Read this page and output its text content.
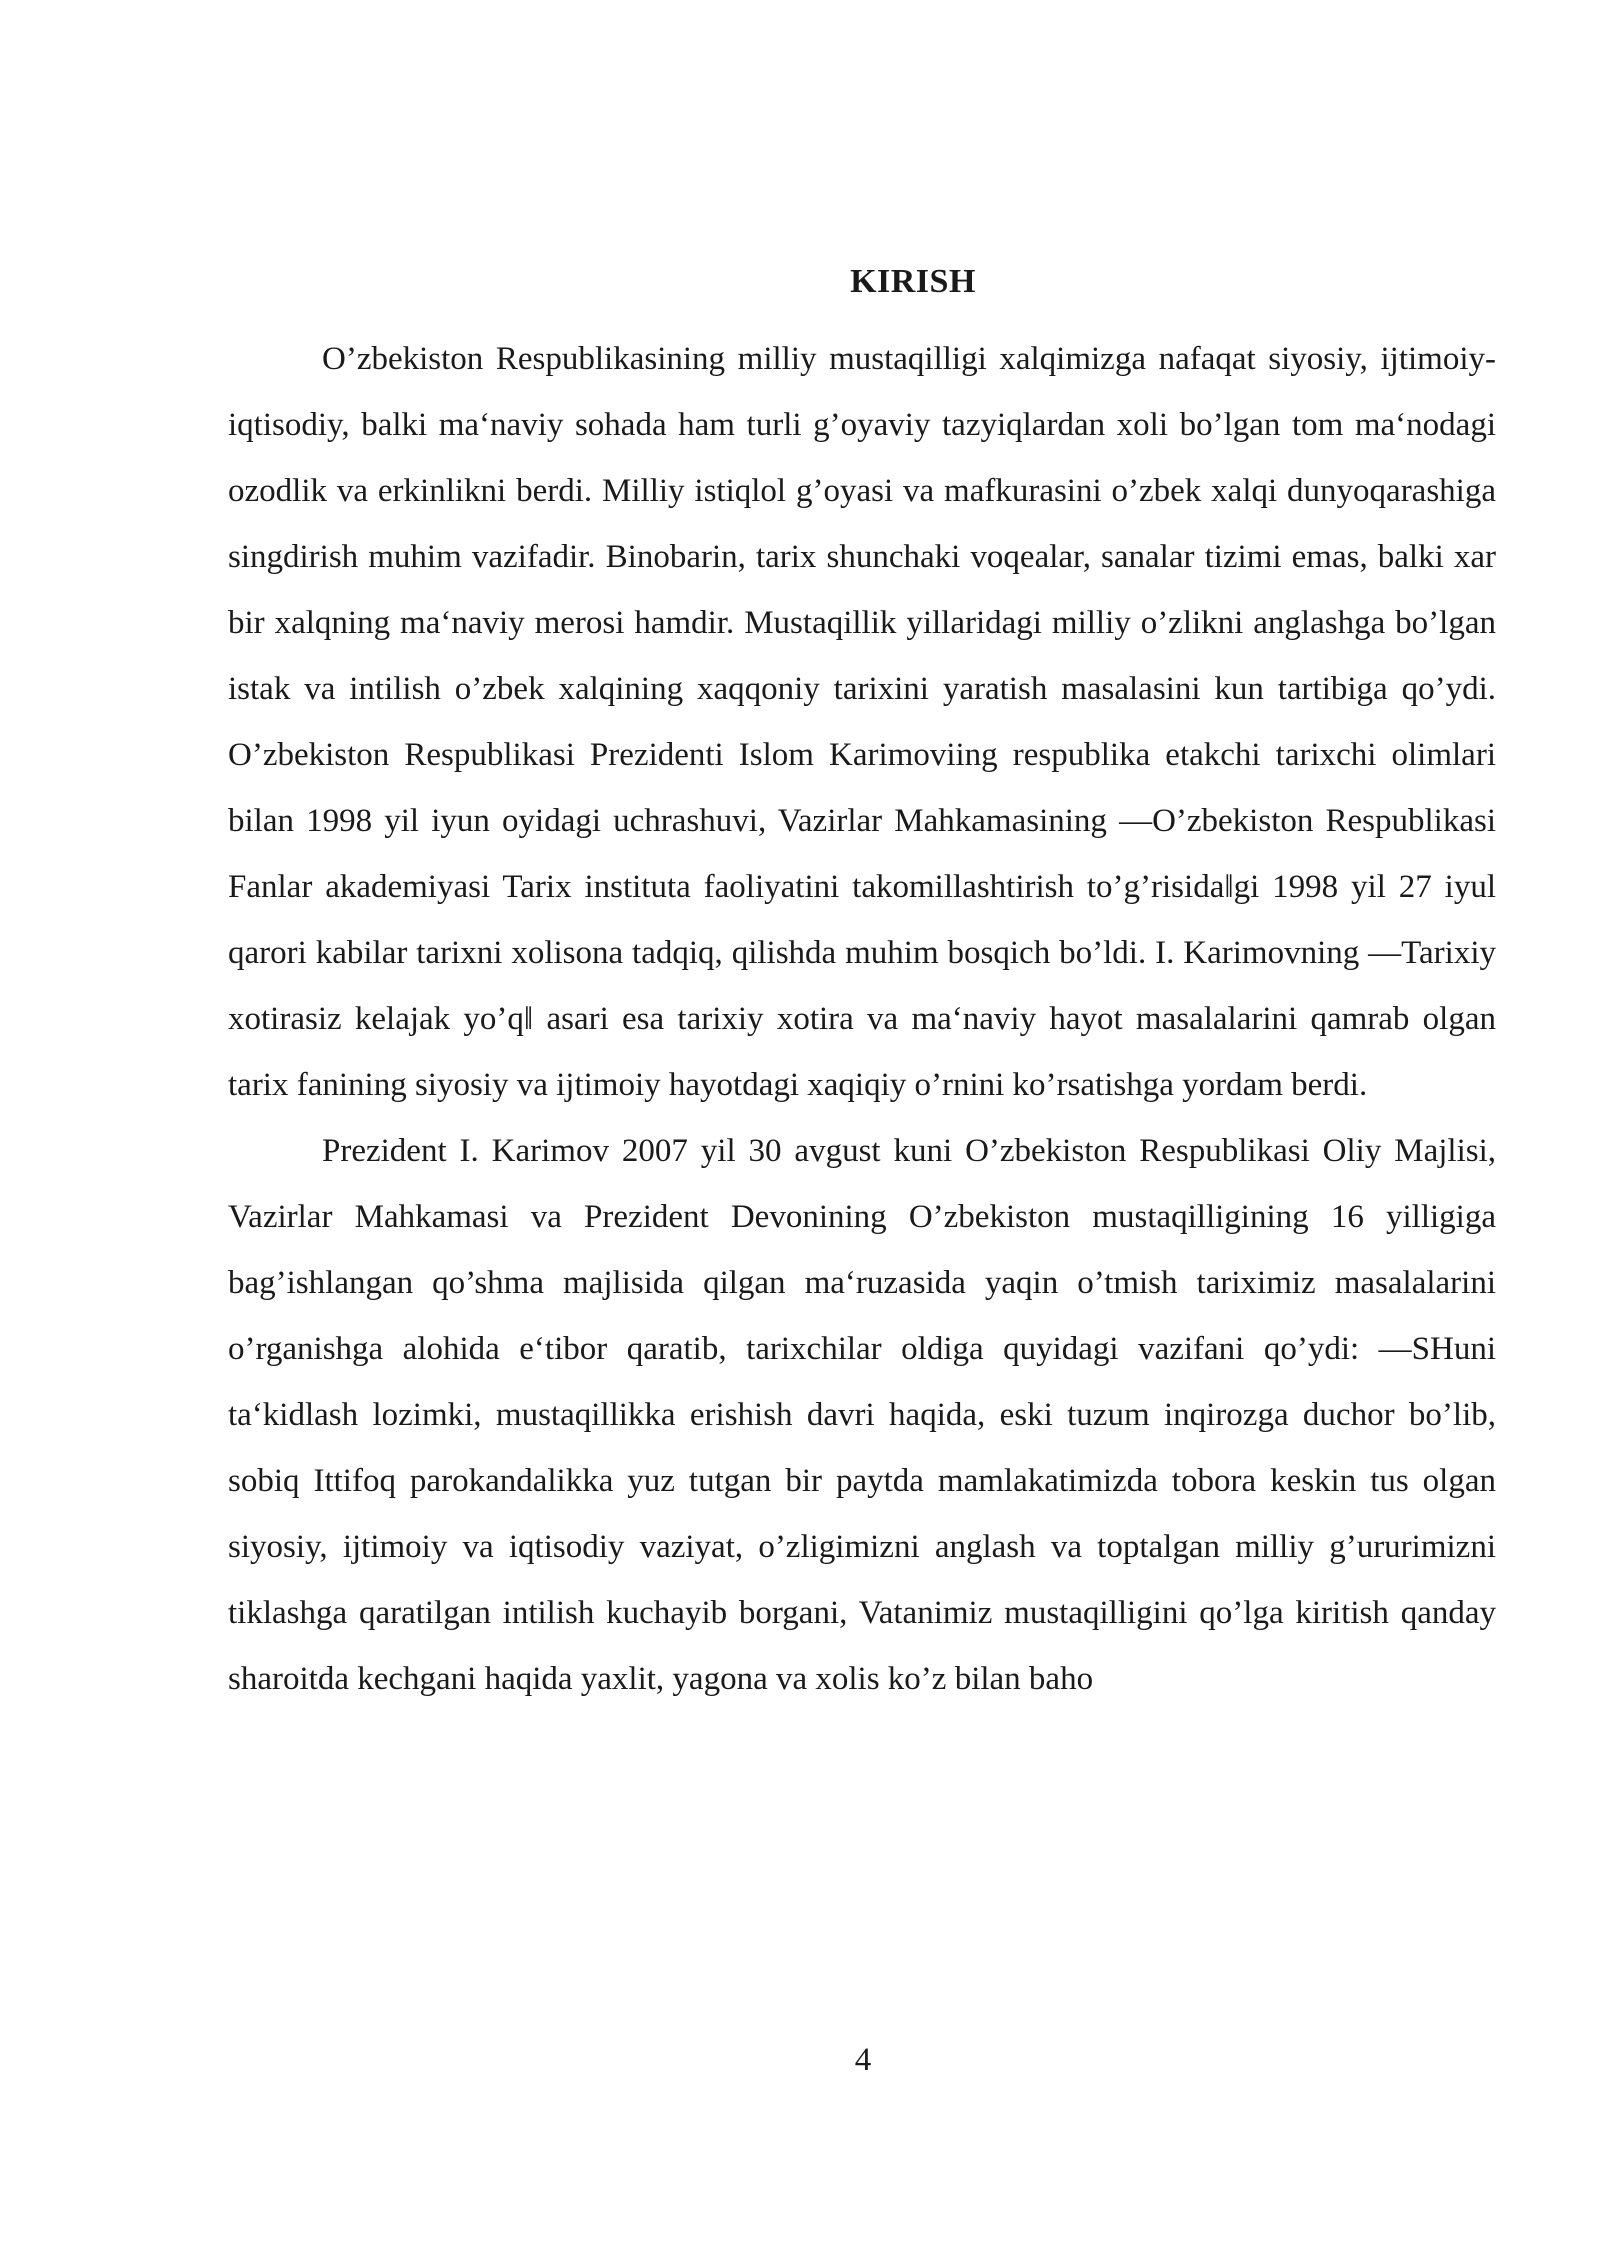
KIRISH

O’zbekiston Respublikasining milliy mustaqilligi xalqimizga nafaqat siyosiy, ijtimoiy-iqtisodiy, balki ma‘naviy sohada ham turli g’oyaviy tazyiqlardan xoli bo’lgan tom ma‘nodagi ozodlik va erkinlikni berdi. Milliy istiqlol g’oyasi va mafkurasini o’zbek xalqi dunyoqarashiga singdirish muhim vazifadir. Binobarin, tarix shunchaki voqealar, sanalar tizimi emas, balki xar bir xalqning ma‘naviy merosi hamdir. Mustaqillik yillaridagi milliy o’zlikni anglashga bo’lgan istak va intilish o’zbek xalqining xaqqoniy tarixini yaratish masalasini kun tartibiga qo’ydi. O’zbekiston Respublikasi Prezidenti Islom Karimoviing respublika etakchi tarixchi olimlari bilan 1998 yil iyun oyidagi uchrashuvi, Vazirlar Mahkamasining ―O’zbekiston Respublikasi Fanlar akademiyasi Tarix instituta faoliyatini takomillashtirish to’g’risida‖gi 1998 yil 27 iyul qarori kabilar tarixni xolisona tadqiq, qilishda muhim bosqich bo’ldi. I. Karimovning ―Tarixiy xotirasiz kelajak yo’q‖ asari esa tarixiy xotira va ma‘naviy hayot masalalarini qamrab olgan tarix fanining siyosiy va ijtimoiy hayotdagi xaqiqiy o’rnini ko’rsatishga yordam berdi.

Prezident I. Karimov 2007 yil 30 avgust kuni O’zbekiston Respublikasi Oliy Majlisi, Vazirlar Mahkamasi va Prezident Devonining O’zbekiston mustaqilligining 16 yilligiga bag’ishlangan qo’shma majlisida qilgan ma‘ruzasida yaqin o’tmish tariximiz masalalarini o’rganishga alohida e‘tibor qaratib, tarixchilar oldiga quyidagi vazifani qo’ydi: ―SHuni ta‘kidlash lozimki, mustaqillikka erishish davri haqida, eski tuzum inqirozga duchor bo’lib, sobiq Ittifoq parokandalikka yuz tutgan bir paytda mamlakatimizda tobora keskin tus olgan siyosiy, ijtimoiy va iqtisodiy vaziyat, o’zligimizni anglash va toptalgan milliy g’ururimizni tiklashga qaratilgan intilish kuchayib borgani, Vatanimiz mustaqilligini qo’lga kiritish qanday sharoitda kechgani haqida yaxlit, yagona va xolis ko’z bilan baho

4
